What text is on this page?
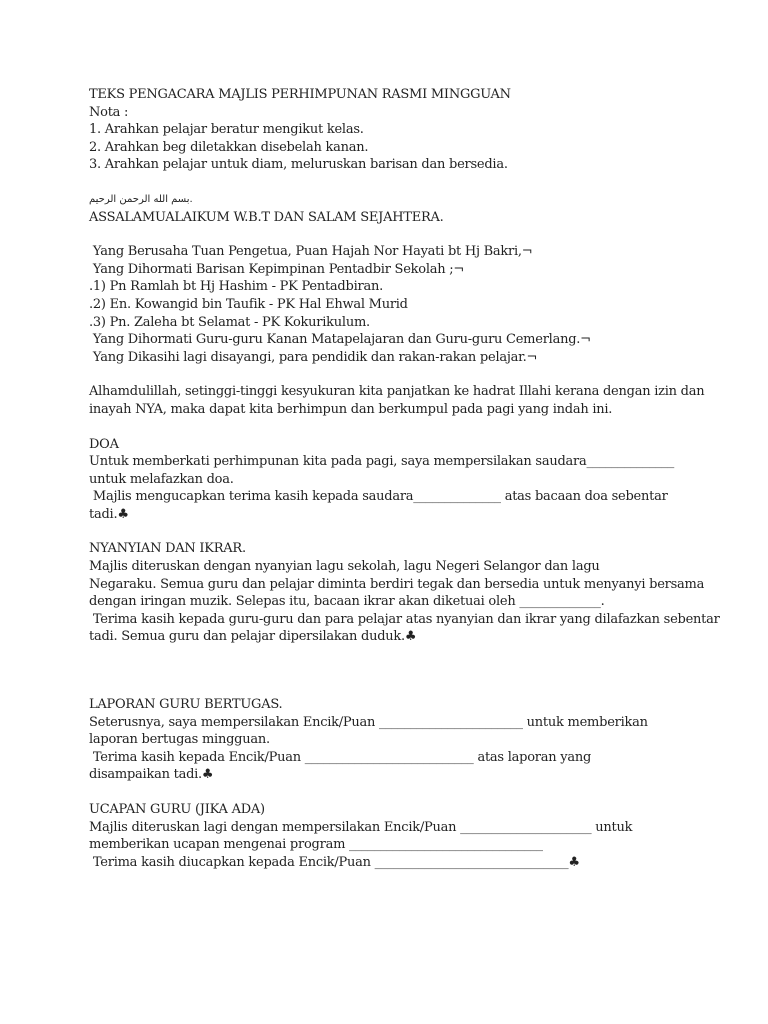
TEKS PENGACARA MAJLIS PERHIMPUNAN RASMI MINGGUAN
Nota :
1. Arahkan pelajar beratur mengikut kelas.
2. Arahkan beg diletakkan disebelah kanan.
3. Arahkan pelajar untuk diam, meluruskan barisan dan bersedia.
بسم الله الرحمن الرحيم.
ASSALAMUALAIKUM W.B.T DAN SALAM SEJAHTERA.
Yang Berusaha Tuan Pengetua, Puan Hajah Nor Hayati bt Hj Bakri,¬
Yang Dihormati Barisan Kepimpinan Pentadbir Sekolah ;¬
.1) Pn Ramlah bt Hj Hashim - PK Pentadbiran.
.2) En. Kowangid bin Taufik - PK Hal Ehwal Murid
.3) Pn. Zaleha bt Selamat - PK Kokurikulum.
Yang Dihormati Guru-guru Kanan Matapelajaran dan Guru-guru Cemerlang.¬
Yang Dikasihi lagi disayangi, para pendidik dan rakan-rakan pelajar.¬
Alhamdulillah, setinggi-tinggi kesyukuran kita panjatkan ke hadrat Illahi kerana dengan izin dan
inayah NYA, maka dapat kita berhimpun dan berkumpul pada pagi yang indah ini.
DOA
Untuk memberkati perhimpunan kita pada pagi, saya mempersilakan saudara______________
untuk melafazkan doa.
Majlis mengucapkan terima kasih kepada saudara______________ atas bacaan doa sebentar
tadi.♣
NYANYIAN DAN IKRAR.
Majlis diteruskan dengan nyanyian lagu sekolah, lagu Negeri Selangor dan lagu
Negaraku. Semua guru dan pelajar diminta berdiri tegak dan bersedia untuk menyanyi bersama
dengan iringan muzik. Selepas itu, bacaan ikrar akan diketuai oleh _____________.
Terima kasih kepada guru-guru dan para pelajar atas nyanyian dan ikrar yang dilafazkan sebentar
tadi. Semua guru dan pelajar dipersilakan duduk.♣
LAPORAN GURU BERTUGAS.
Seterusnya, saya mempersilakan Encik/Puan _______________________ untuk memberikan
laporan bertugas mingguan.
Terima kasih kepada Encik/Puan ___________________________ atas laporan yang
disampaikan tadi.♣
UCAPAN GURU (JIKA ADA)
Majlis diteruskan lagi dengan mempersilakan Encik/Puan _____________________ untuk
memberikan ucapan mengenai program _______________________________
Terima kasih diucapkan kepada Encik/Puan _______________________________♣
